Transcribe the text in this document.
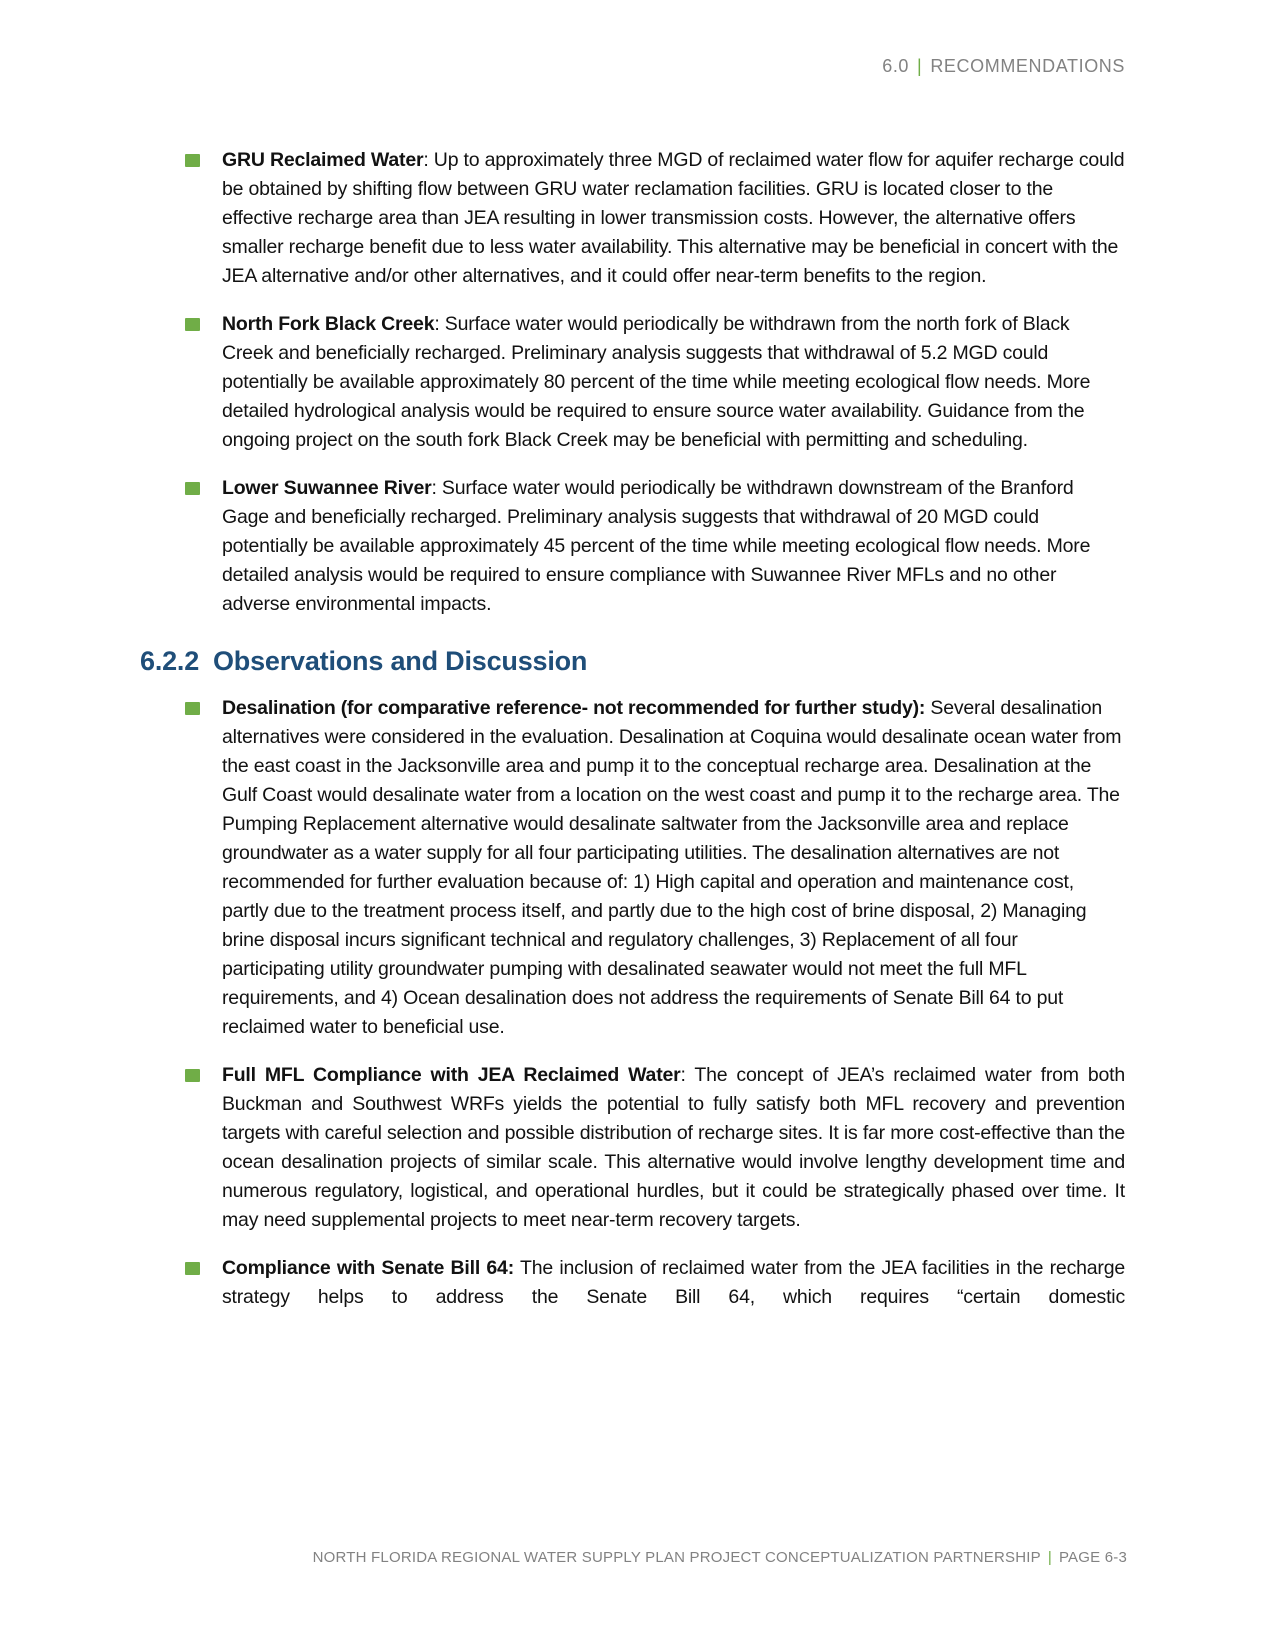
6.0 | RECOMMENDATIONS

GRU Reclaimed Water: Up to approximately three MGD of reclaimed water flow for aquifer recharge could be obtained by shifting flow between GRU water reclamation facilities. GRU is located closer to the effective recharge area than JEA resulting in lower transmission costs. However, the alternative offers smaller recharge benefit due to less water availability. This alternative may be beneficial in concert with the JEA alternative and/or other alternatives, and it could offer near-term benefits to the region.

North Fork Black Creek: Surface water would periodically be withdrawn from the north fork of Black Creek and beneficially recharged. Preliminary analysis suggests that withdrawal of 5.2 MGD could potentially be available approximately 80 percent of the time while meeting ecological flow needs. More detailed hydrological analysis would be required to ensure source water availability. Guidance from the ongoing project on the south fork Black Creek may be beneficial with permitting and scheduling.

Lower Suwannee River: Surface water would periodically be withdrawn downstream of the Branford Gage and beneficially recharged. Preliminary analysis suggests that withdrawal of 20 MGD could potentially be available approximately 45 percent of the time while meeting ecological flow needs. More detailed analysis would be required to ensure compliance with Suwannee River MFLs and no other adverse environmental impacts.

6.2.2 Observations and Discussion

Desalination (for comparative reference- not recommended for further study): Several desalination alternatives were considered in the evaluation. Desalination at Coquina would desalinate ocean water from the east coast in the Jacksonville area and pump it to the conceptual recharge area. Desalination at the Gulf Coast would desalinate water from a location on the west coast and pump it to the recharge area. The Pumping Replacement alternative would desalinate saltwater from the Jacksonville area and replace groundwater as a water supply for all four participating utilities. The desalination alternatives are not recommended for further evaluation because of: 1) High capital and operation and maintenance cost, partly due to the treatment process itself, and partly due to the high cost of brine disposal, 2) Managing brine disposal incurs significant technical and regulatory challenges, 3) Replacement of all four participating utility groundwater pumping with desalinated seawater would not meet the full MFL requirements, and 4) Ocean desalination does not address the requirements of Senate Bill 64 to put reclaimed water to beneficial use.

Full MFL Compliance with JEA Reclaimed Water: The concept of JEA’s reclaimed water from both Buckman and Southwest WRFs yields the potential to fully satisfy both MFL recovery and prevention targets with careful selection and possible distribution of recharge sites. It is far more cost-effective than the ocean desalination projects of similar scale. This alternative would involve lengthy development time and numerous regulatory, logistical, and operational hurdles, but it could be strategically phased over time. It may need supplemental projects to meet near-term recovery targets.

Compliance with Senate Bill 64: The inclusion of reclaimed water from the JEA facilities in the recharge strategy helps to address the Senate Bill 64, which requires “certain domestic

NORTH FLORIDA REGIONAL WATER SUPPLY PLAN PROJECT CONCEPTUALIZATION PARTNERSHIP | PAGE 6-3
